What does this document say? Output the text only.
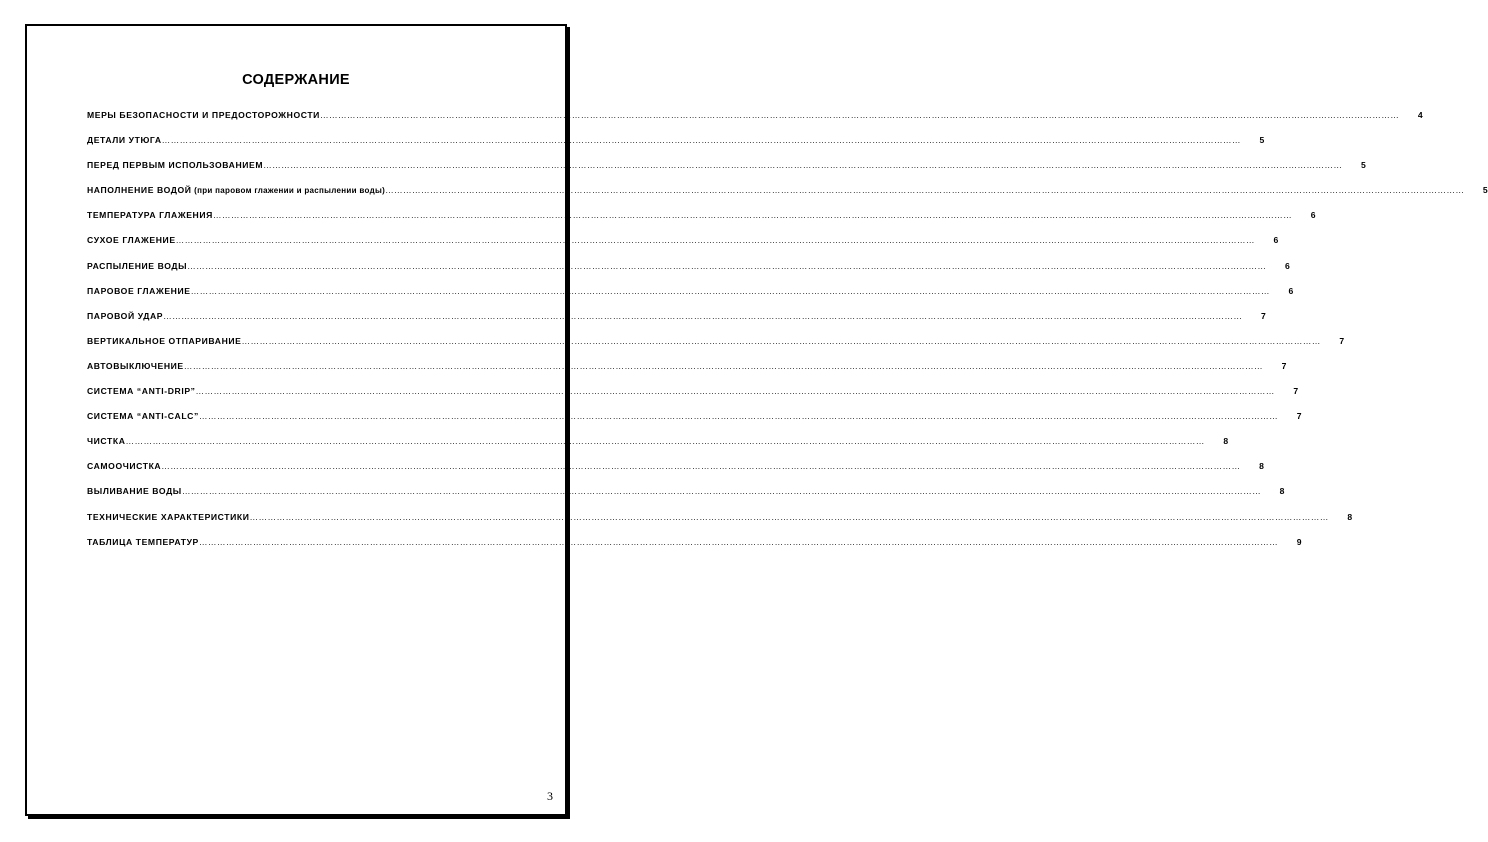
СОДЕРЖАНИЕ
МЕРЫ БЕЗОПАСНОСТИ И ПРЕДОСТОРОЖНОСТИ………………………………………………………………………………………………………………………………………………………………………………………………………………………………………………………………………………………………………………………………	4
ДЕТАЛИ УТЮГА………………………………………………………………………………………………………………………………………………………………………………………………………………………………………………………………………………………………………………………………	5
ПЕРЕД ПЕРВЫМ ИСПОЛЬЗОВАНИЕМ………………………………………………………………………………………………………………………………………………………………………………………………………………………………………………………………………………………………………………………………	5
НАПОЛНЕНИЕ ВОДОЙ (при паровом глажении и распылении воды)………………………………………………………………………………………………………………………………………………………………………………………………………………………………………………………………………………………………………………………………	5
ТЕМПЕРАТУРА ГЛАЖЕНИЯ………………………………………………………………………………………………………………………………………………………………………………………………………………………………………………………………………………………………………………………………	6
СУХОЕ ГЛАЖЕНИЕ………………………………………………………………………………………………………………………………………………………………………………………………………………………………………………………………………………………………………………………………	6
РАСПЫЛЕНИЕ ВОДЫ………………………………………………………………………………………………………………………………………………………………………………………………………………………………………………………………………………………………………………………………	6
ПАРОВОЕ ГЛАЖЕНИЕ………………………………………………………………………………………………………………………………………………………………………………………………………………………………………………………………………………………………………………………………	6
ПАРОВОЙ УДАР………………………………………………………………………………………………………………………………………………………………………………………………………………………………………………………………………………………………………………………………	7
ВЕРТИКАЛЬНОЕ ОТПАРИВАНИЕ………………………………………………………………………………………………………………………………………………………………………………………………………………………………………………………………………………………………………………………………	7
АВТОВЫКЛЮЧЕНИЕ………………………………………………………………………………………………………………………………………………………………………………………………………………………………………………………………………………………………………………………………	7
СИСТЕМА “ANTI-DRIP”………………………………………………………………………………………………………………………………………………………………………………………………………………………………………………………………………………………………………………………………	7
СИСТЕМА “ANTI-CALC”………………………………………………………………………………………………………………………………………………………………………………………………………………………………………………………………………………………………………………………………	7
ЧИСТКА………………………………………………………………………………………………………………………………………………………………………………………………………………………………………………………………………………………………………………………………	8
САМООЧИСТКА………………………………………………………………………………………………………………………………………………………………………………………………………………………………………………………………………………………………………………………………	8
ВЫЛИВАНИЕ ВОДЫ………………………………………………………………………………………………………………………………………………………………………………………………………………………………………………………………………………………………………………………………	8
ТЕХНИЧЕСКИЕ ХАРАКТЕРИСТИКИ………………………………………………………………………………………………………………………………………………………………………………………………………………………………………………………………………………………………………………………………	8
ТАБЛИЦА ТЕМПЕРАТУР………………………………………………………………………………………………………………………………………………………………………………………………………………………………………………………………………………………………………………………………	9
3
